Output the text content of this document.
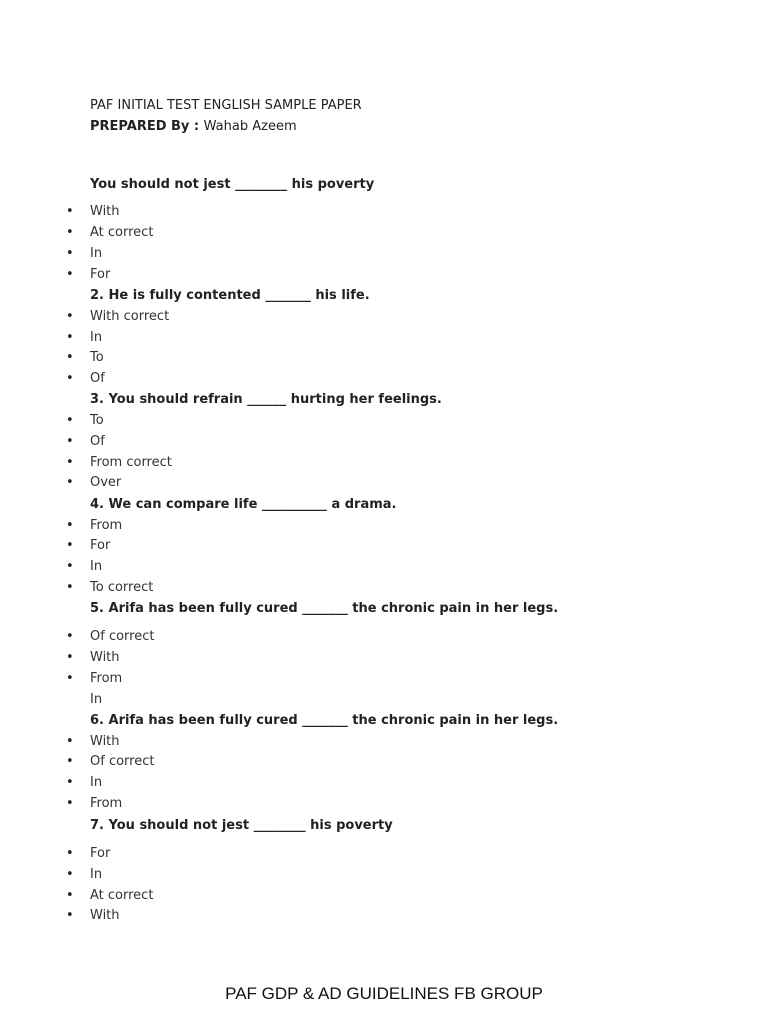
PAF INITIAL TEST ENGLISH SAMPLE PAPER
PREPARED By : Wahab Azeem
You should not jest ________ his poverty
• With
• At correct
• In
• For
2. He is fully contented _______ his life.
• With correct
• In
• To
• Of
3. You should refrain ______ hurting her feelings.
• To
• Of
• From correct
• Over
4. We can compare life __________ a drama.
• From
• For
• In
• To correct
5. Arifa has been fully cured _______ the chronic pain in her legs.
• Of correct
• With
• From
In
6. Arifa has been fully cured _______ the chronic pain in her legs.
• With
• Of correct
• In
• From
7. You should not jest ________ his poverty
• For
• In
• At correct
• With
PAF GDP & AD GUIDELINES FB GROUP
